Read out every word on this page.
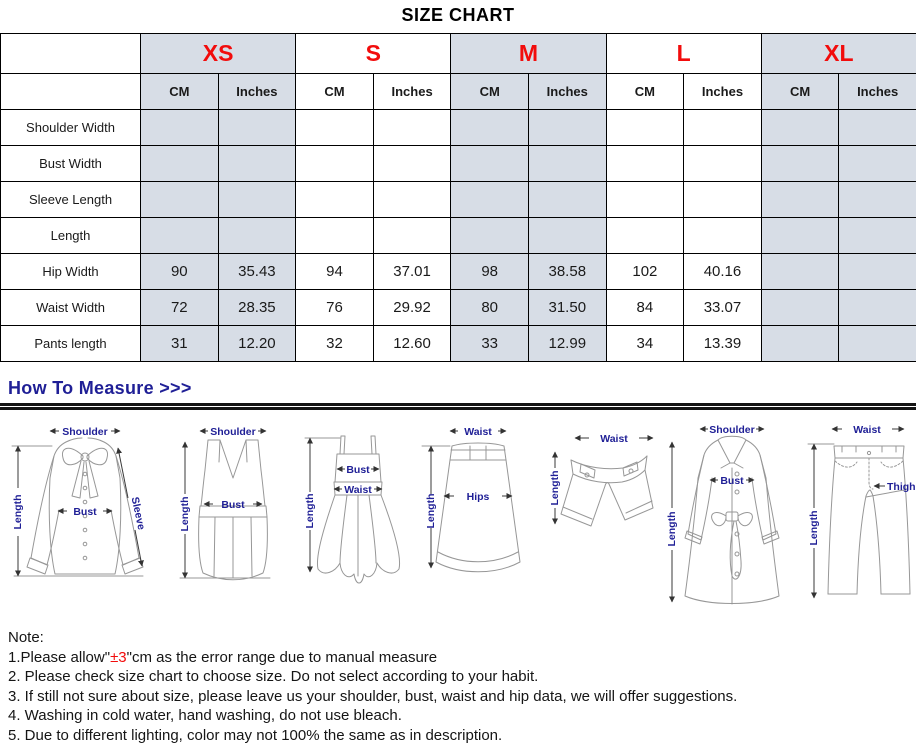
SIZE CHART
	XS		S		M		L		XL	
	CM	Inches	CM	Inches	CM	Inches	CM	Inches	CM	Inches
Shoulder Width										
Bust Width										
Sleeve Length										
Length										
Hip Width	90	35.43	94	37.01	98	38.58	102	40.16		
Waist Width	72	28.35	76	29.92	80	31.50	84	33.07		
Pants length	31	12.20	32	12.60	33	12.99	34	13.39		
How To Measure >>>
Shoulder
Length	Bust	Sleeve
Shoulder
Length	Bust	Length
Bust
Waist
Waist
Hips
Length
Waist
Length
Shoulder
Bust
Length
Waist
Thigh
Length
Note:
1.Please allow"±3"cm as the error range due to manual measure
2. Please check size chart to choose size. Do not select according to your habit.
3. If still not sure about size, please leave us your shoulder, bust, waist and hip data, we will offer suggestions.
4. Washing in cold water, hand washing, do not use bleach.
5. Due to different lighting, color may not 100% the same as in description.
